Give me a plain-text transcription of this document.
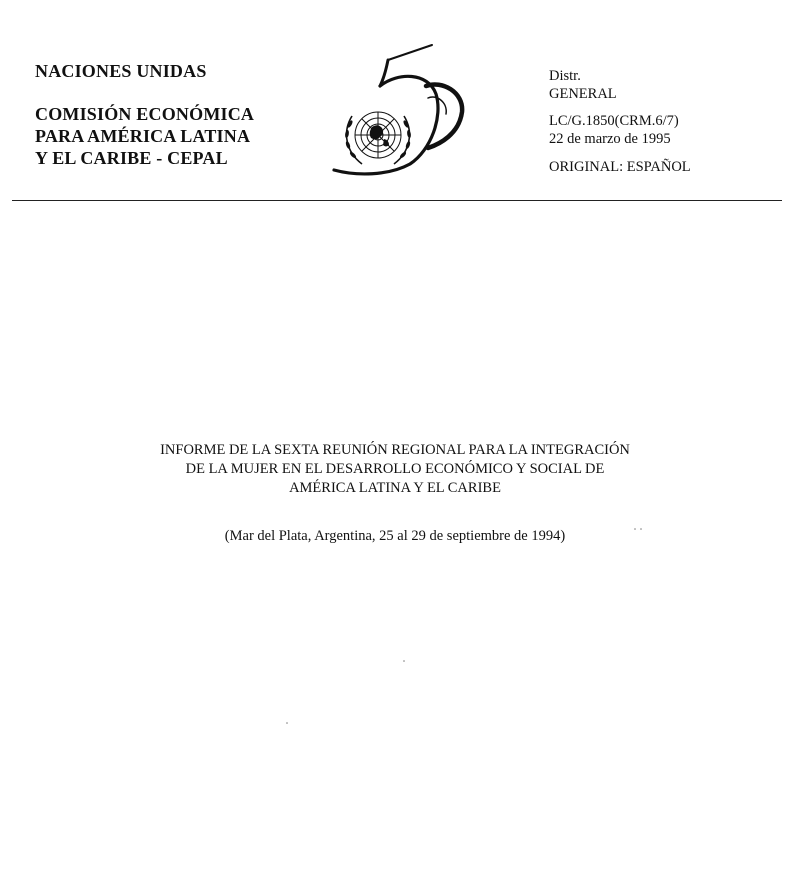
NACIONES UNIDAS
COMISIÓN ECONÓMICA
PARA AMÉRICA LATINA
Y EL CARIBE - CEPAL
Distr.
GENERAL
LC/G.1850(CRM.6/7)
22 de marzo de 1995
ORIGINAL: ESPAÑOL
INFORME DE LA SEXTA REUNIÓN REGIONAL PARA LA INTEGRACIÓN
DE LA MUJER EN EL DESARROLLO ECONÓMICO Y SOCIAL DE
AMÉRICA LATINA Y EL CARIBE
(Mar del Plata, Argentina, 25 al 29 de septiembre de 1994)
